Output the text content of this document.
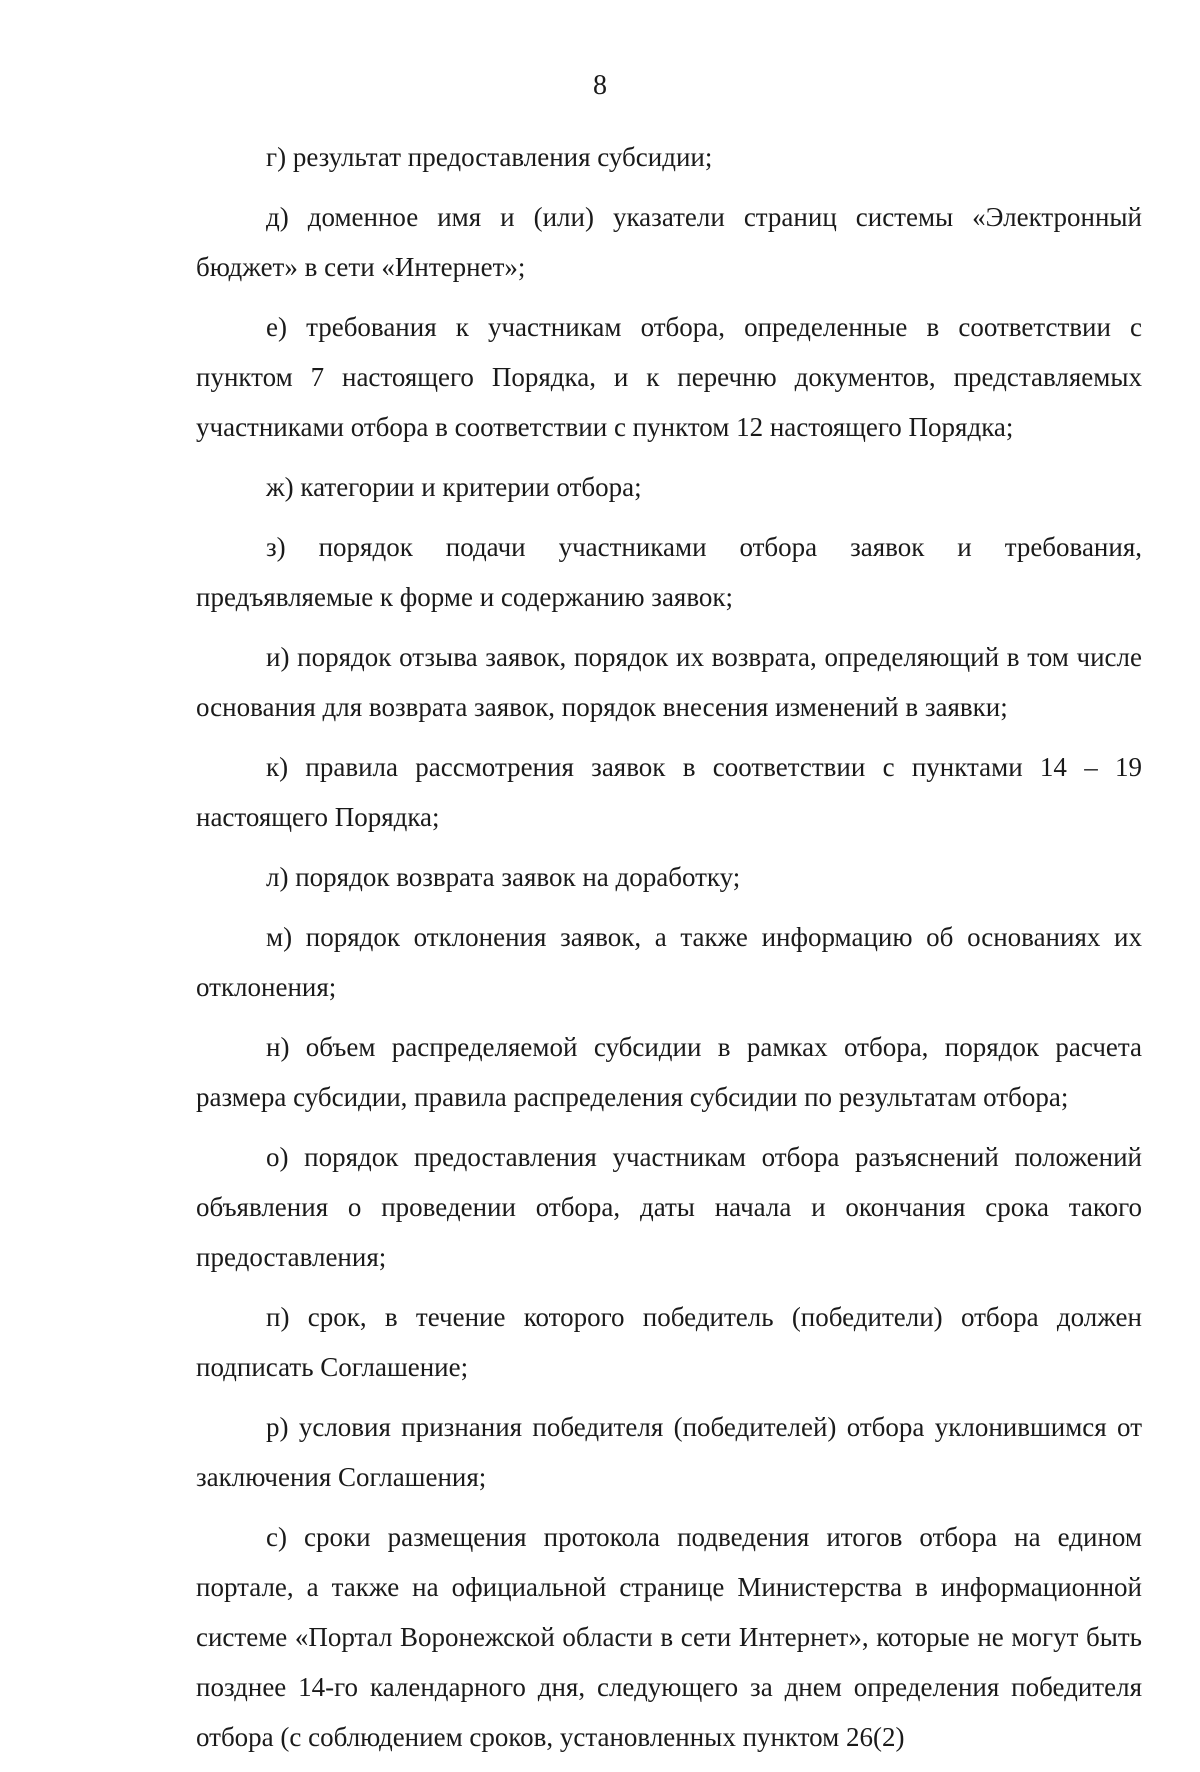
8

г) результат предоставления субсидии;

д) доменное имя и (или) указатели страниц системы «Электронный бюджет» в сети «Интернет»;

е) требования к участникам отбора, определенные в соответствии с пунктом 7 настоящего Порядка, и к перечню документов, представляемых участниками отбора в соответствии с пунктом 12 настоящего Порядка;

ж) категории и критерии отбора;

з) порядок подачи участниками отбора заявок и требования, предъявляемые к форме и содержанию заявок;

и) порядок отзыва заявок, порядок их возврата, определяющий в том числе основания для возврата заявок, порядок внесения изменений в заявки;

к) правила рассмотрения заявок в соответствии с пунктами 14 – 19 настоящего Порядка;

л) порядок возврата заявок на доработку;

м) порядок отклонения заявок, а также информацию об основаниях их отклонения;

н) объем распределяемой субсидии в рамках отбора, порядок расчета размера субсидии, правила распределения субсидии по результатам отбора;

о) порядок предоставления участникам отбора разъяснений положений объявления о проведении отбора, даты начала и окончания срока такого предоставления;

п) срок, в течение которого победитель (победители) отбора должен подписать Соглашение;

р) условия признания победителя (победителей) отбора уклонившимся от заключения Соглашения;

с) сроки размещения протокола подведения итогов отбора на едином портале, а также на официальной странице Министерства в информационной системе «Портал Воронежской области в сети Интернет», которые не могут быть позднее 14-го календарного дня, следующего за днем определения победителя отбора (с соблюдением сроков, установленных пунктом 26(2)
